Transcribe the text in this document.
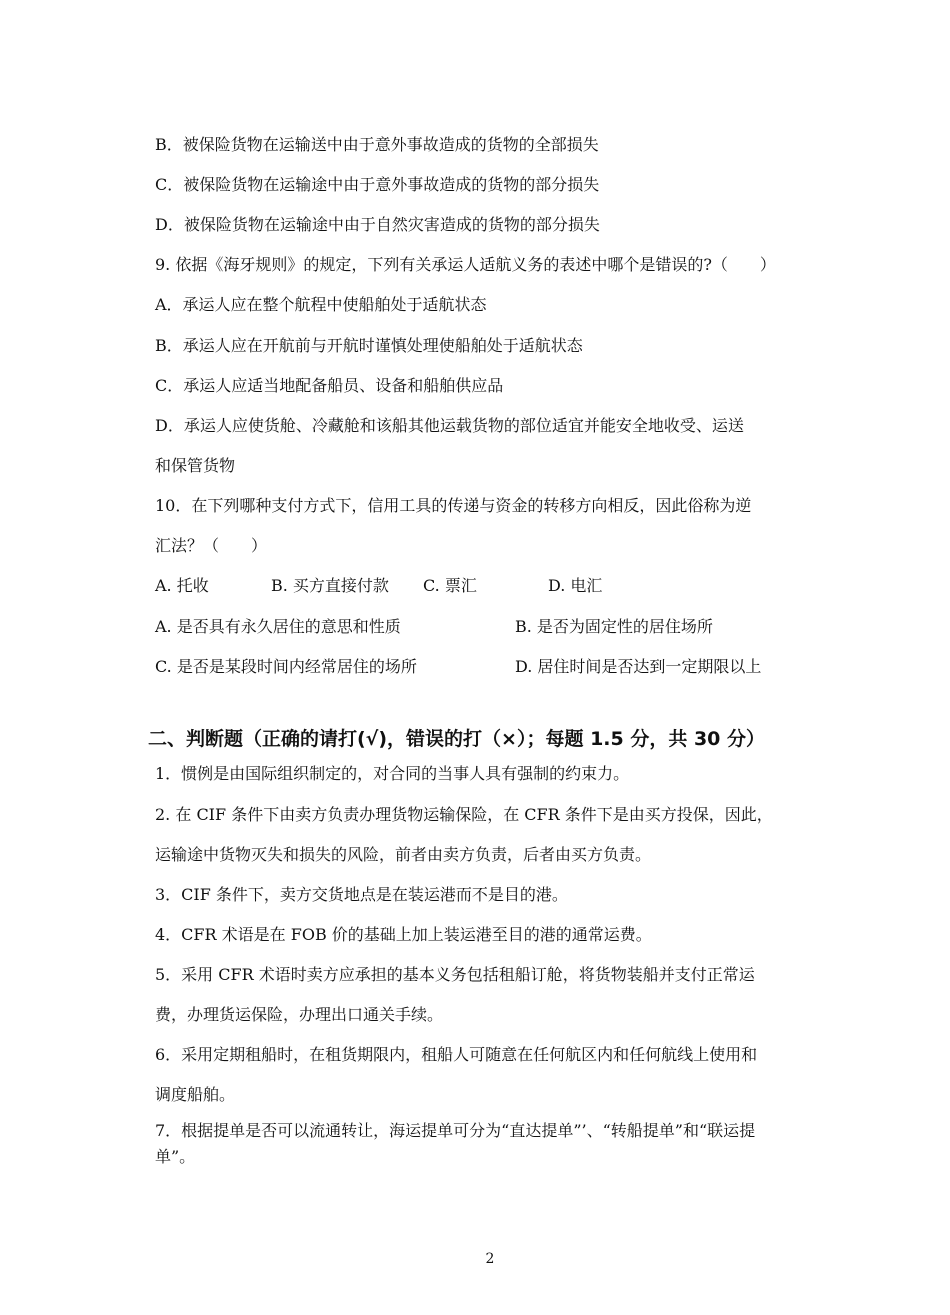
B．被保险货物在运输送中由于意外事故造成的货物的全部损失
C．被保险货物在运输途中由于意外事故造成的货物的部分损失
D．被保险货物在运输途中由于自然灾害造成的货物的部分损失
9. 依据《海牙规则》的规定，下列有关承运人适航义务的表述中哪个是错误的?（　　）
A．承运人应在整个航程中使船舶处于适航状态
B．承运人应在开航前与开航时谨慎处理使船舶处于适航状态
C．承运人应适当地配备船员、设备和船舶供应品
D．承运人应使货舱、冷藏舱和该船其他运载货物的部位适宜并能安全地收受、运送
和保管货物
10．在下列哪种支付方式下，信用工具的传递与资金的转移方向相反，因此俗称为逆
汇法？（　　）
A. 托收	B. 买方直接付款 C. 票汇	D. 电汇
A. 是否具有永久居住的意思和性质	B. 是否为固定性的居住场所
C. 是否是某段时间内经常居住的场所	D. 居住时间是否达到一定期限以上
二、判断题（正确的请打(√)，错误的打（×）；每题 1.5 分，共 30 分）
1．惯例是由国际组织制定的，对合同的当事人具有强制的约束力。
2. 在 CIF 条件下由卖方负责办理货物运输保险，在 CFR 条件下是由买方投保，因此，
运输途中货物灭失和损失的风险，前者由卖方负责，后者由买方负责。
3．CIF 条件下，卖方交货地点是在装运港而不是目的港。
4．CFR 术语是在 FOB 价的基础上加上装运港至目的港的通常运费。
5．采用 CFR 术语时卖方应承担的基本义务包括租船订舱，将货物装船并支付正常运
费，办理货运保险，办理出口通关手续。
6．采用定期租船时，在租货期限内，租船人可随意在任何航区内和任何航线上使用和
调度船舶。
7．根据提单是否可以流通转让，海运提单可分为“直达提单”’、“转船提单”和“联运提
单”。
2
